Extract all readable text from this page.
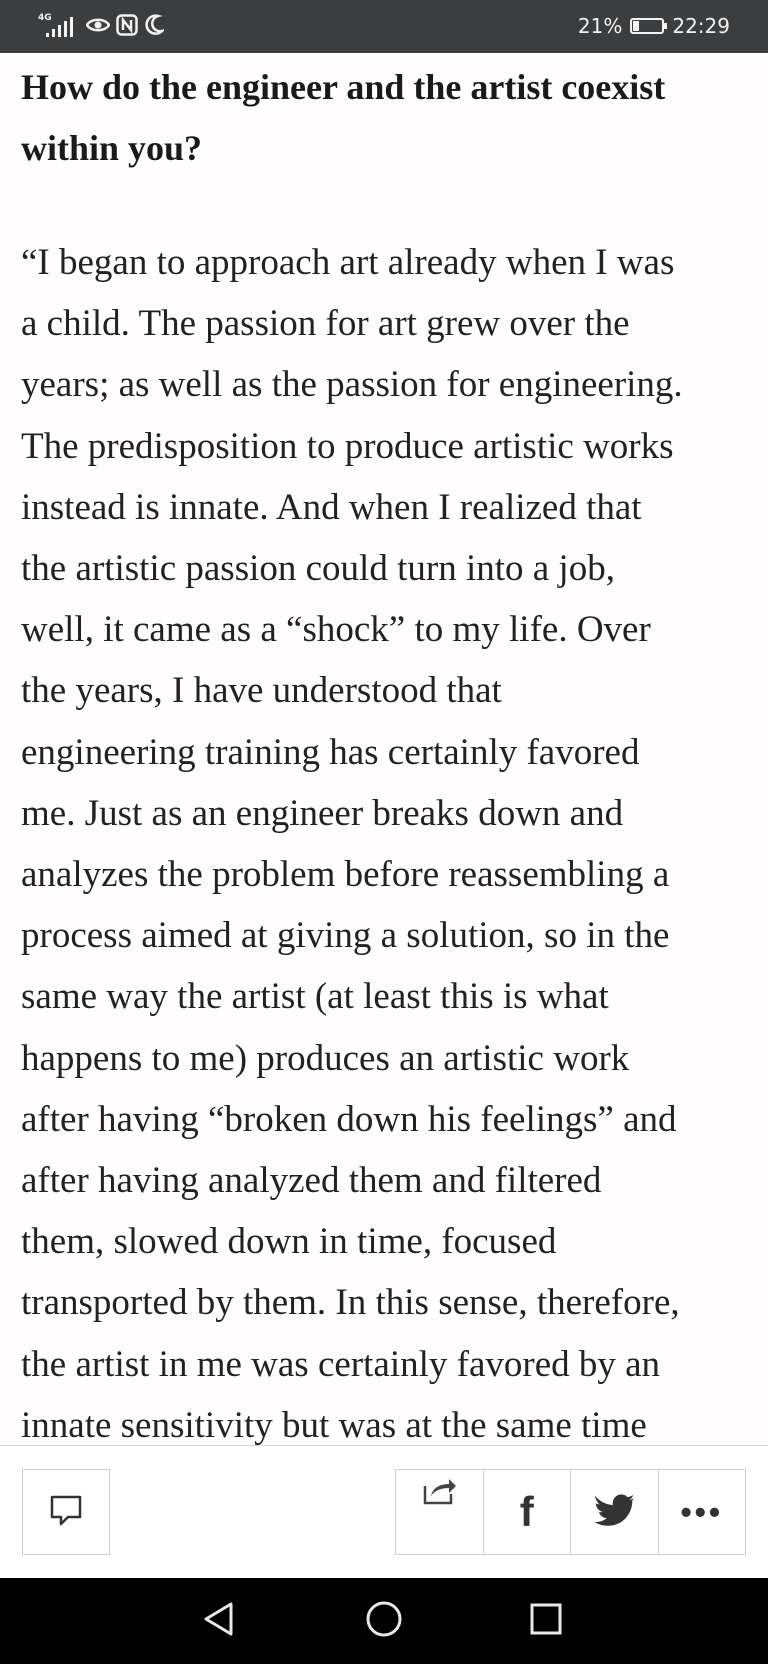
4G	21%	22:29
How do the engineer and the artist coexist within you?

“I began to approach art already when I was
a child. The passion for art grew over the
years; as well as the passion for engineering.
The predisposition to produce artistic works
instead is innate. And when I realized that
the artistic passion could turn into a job,
well, it came as a “shock” to my life. Over
the years, I have understood that
engineering training has certainly favored
me. Just as an engineer breaks down and
analyzes the problem before reassembling a
process aimed at giving a solution, so in the
same way the artist (at least this is what
happens to me) produces an artistic work
after having “broken down his feelings” and
after having analyzed them and filtered
them, slowed down in time, focused
transported by them. In this sense, therefore,
the artist in me was certainly favored by an
innate sensitivity but was at the same time

f	•••
